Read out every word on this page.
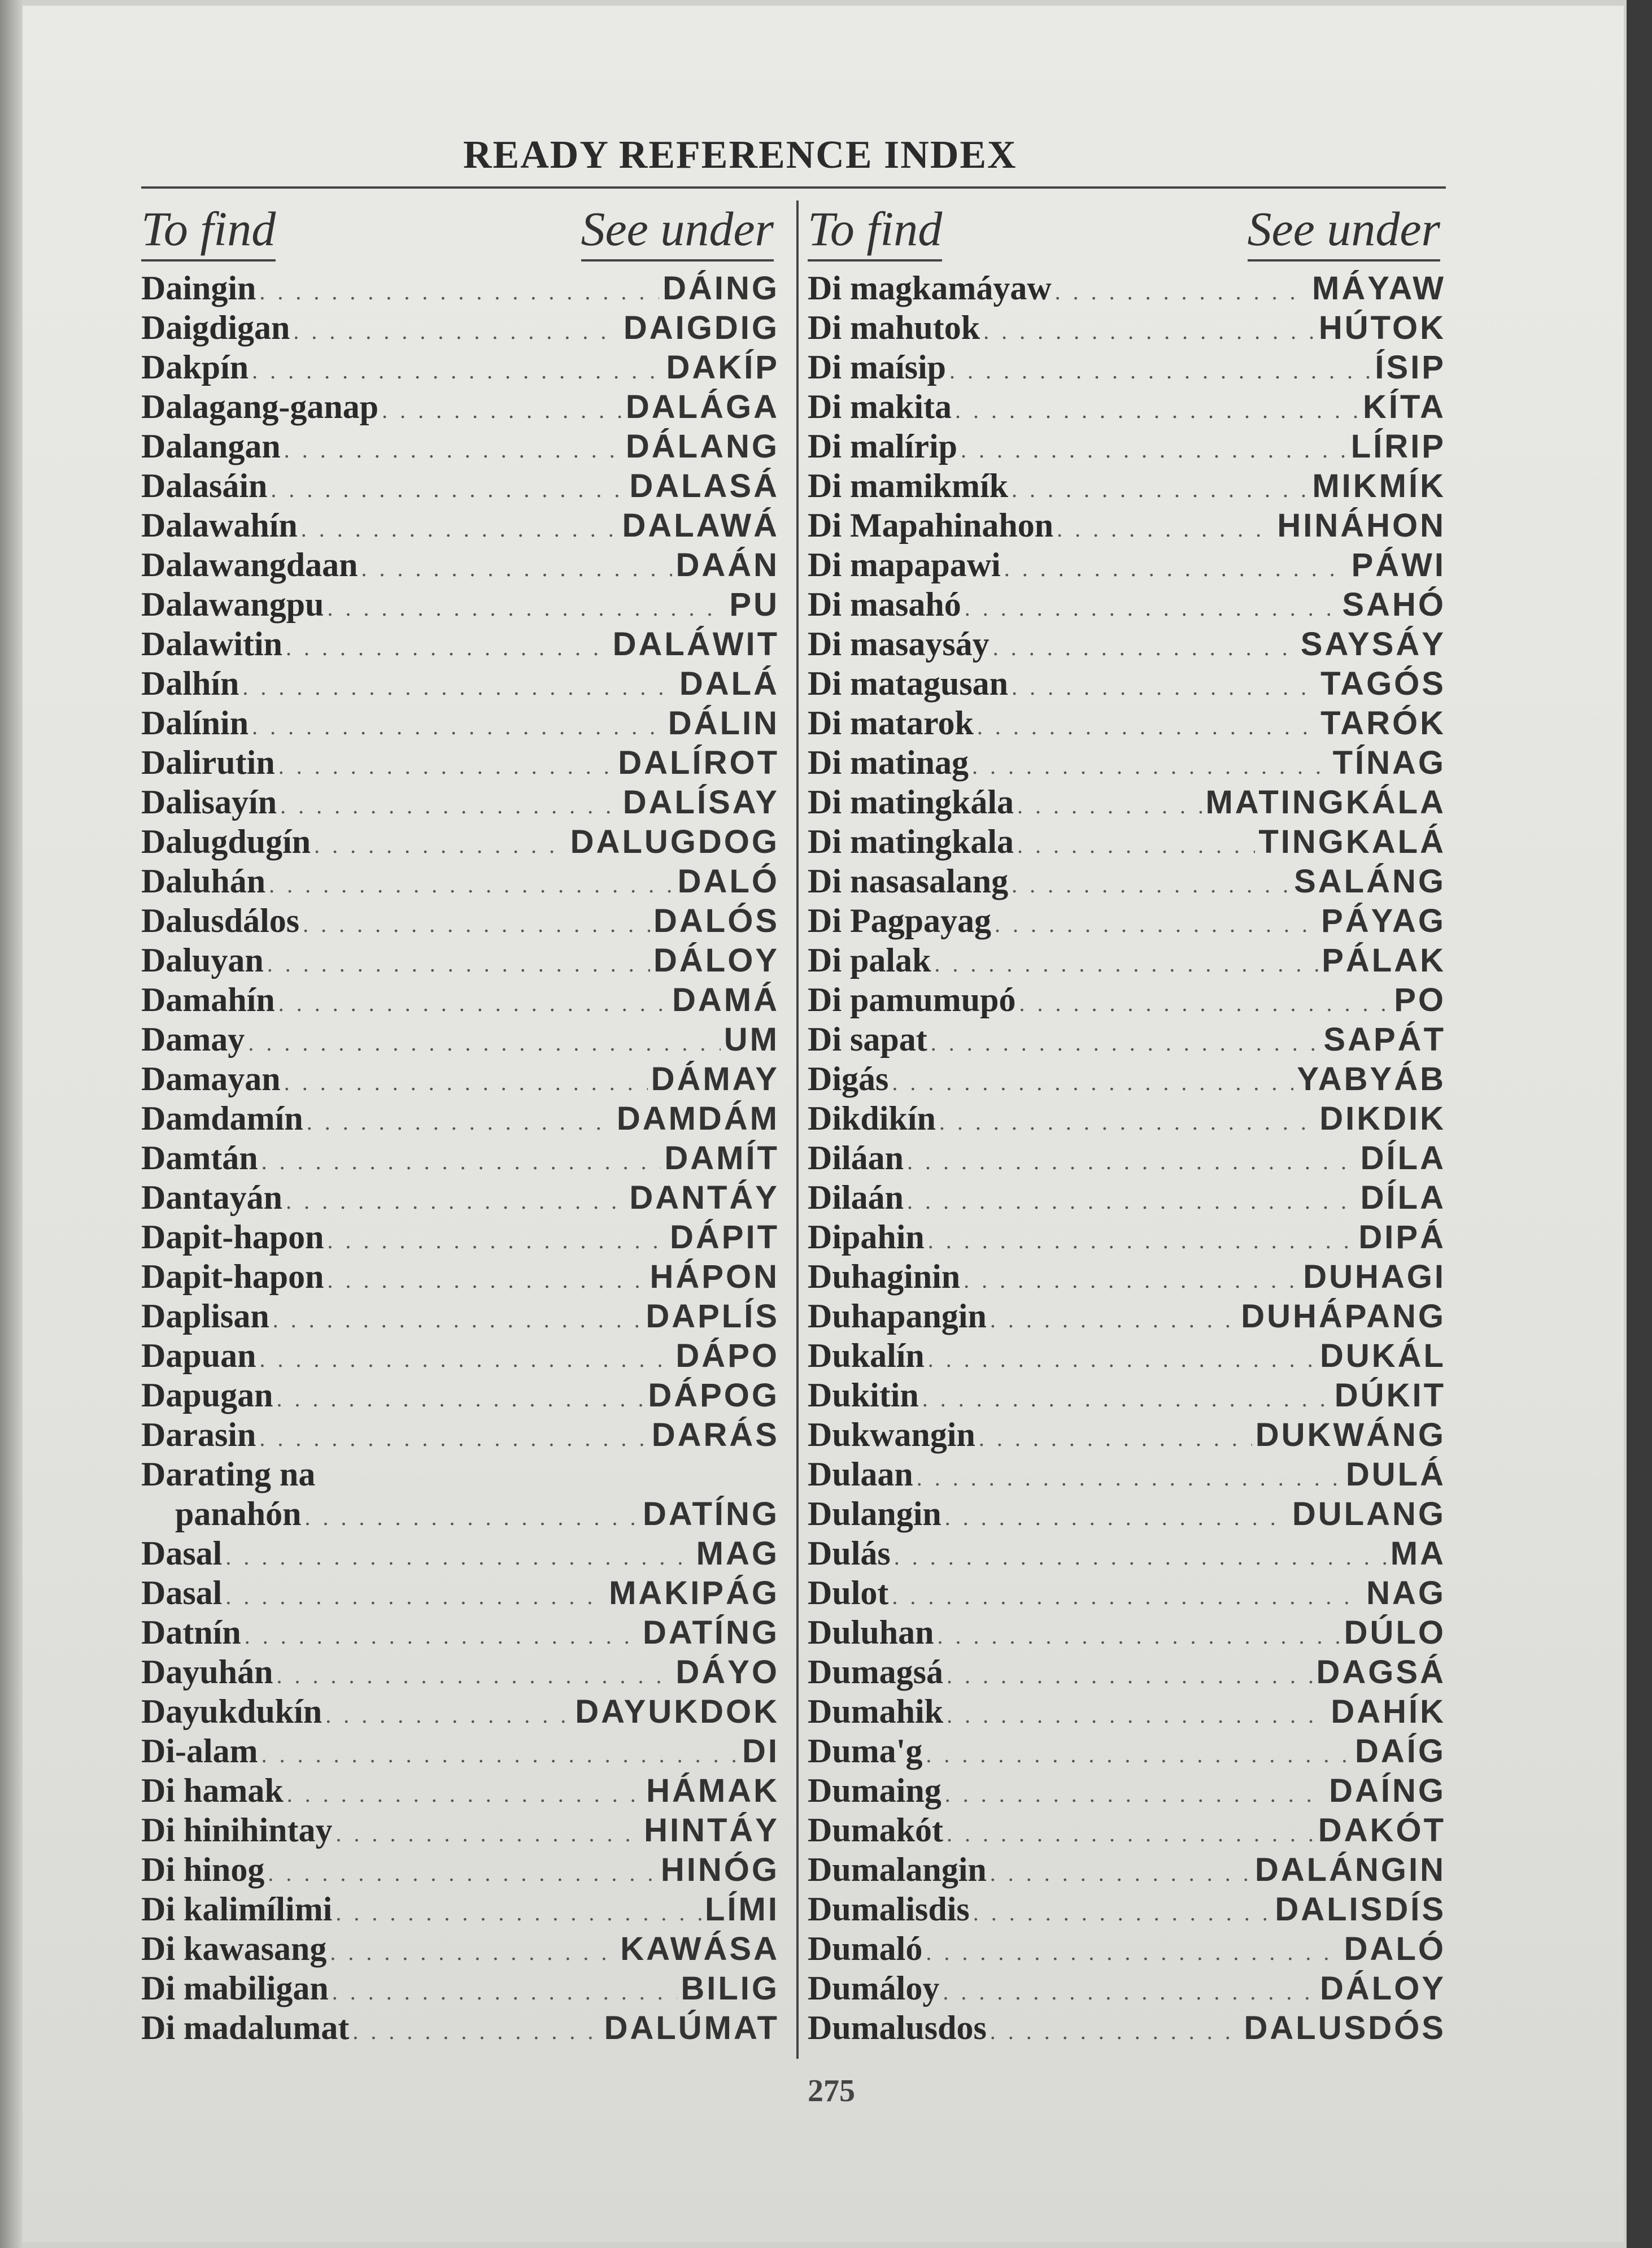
READY REFERENCE INDEX
To find	See under
Daingin . . .	DÁING
Daigdigan . . .	DAIGDIG
Dakpín . . .	DAKÍP
Dalagang-ganap . . .	DALÁGA
Dalangan . . .	DÁLANG
Dalasáin . . .	DALASÁ
Dalawahín . . .	DALAWÁ
Dalawangdaan . . .	DAÁN
Dalawangpu . . .	PU
Dalawitin . . .	DALÁWIT
Dalhín . . .	DALÁ
Dalínin . . .	DÁLIN
Dalirutin . . .	DALÍROT
Dalisayín . . .	DALÍSAY
Dalugdugín . . .	DALUGDOG
Daluhán . . .	DALÓ
Dalusdálos . . .	DALÓS
Daluyan . . .	DÁLOY
Damahín . . .	DAMÁ
Damay . . .	UM
Damayan . . .	DÁMAY
Damdamín . . .	DAMDÁM
Damtán . . .	DAMÍT
Dantayán . . .	DANTÁY
Dapit-hapon . . .	DÁPIT
Dapit-hapon . . .	HÁPON
Daplisan . . .	DAPLÍS
Dapuan . . .	DÁPO
Dapugan . . .	DÁPOG
Darasin . . .	DARÁS
Darating na
panahón . . .	DATÍNG
Dasal . . .	MAG
Dasal . . .	MAKIPÁG
Datnín . . .	DATÍNG
Dayuhán . . .	DÁYO
Dayukdukín . . .	DAYUKDOK
Di-alam . . .	DI
Di hamak . . .	HÁMAK
Di hinihintay . . .	HINTÁY
Di hinog . . .	HINÓG
Di kalimílimi . . .	LÍMI
Di kawasang . . .	KAWÁSA
Di mabiligan . . .	BILIG
Di madalumat . . .	DALÚMAT
To find	See under
Di magkamáyaw . . .	MÁYAW
Di mahutok . . .	HÚTOK
Di maísip . . .	ÍSIP
Di makita . . .	KÍTA
Di malírip . . .	LÍRIP
Di mamikmík . . .	MIKMÍK
Di Mapahinahon . . .	HINÁHON
Di mapapawi . . .	PÁWI
Di masahó . . .	SAHÓ
Di masaysáy . . .	SAYSÁY
Di matagusan . . .	TAGÓS
Di matarok . . .	TARÓK
Di matinag . . .	TÍNAG
Di matingkála . . .	MATINGKÁLA
Di matingkala . . .	TINGKALÁ
Di nasasalang . . .	SALÁNG
Di Pagpayag . . .	PÁYAG
Di palak . . .	PÁLAK
Di pamumupó . . .	PO
Di sapat . . .	SAPÁT
Digás . . .	YABYÁB
Dikdikín . . .	DIKDIK
Diláan . . .	DÍLA
Dilaán . . .	DÍLA
Dipahin . . .	DIPÁ
Duhaginin . . .	DUHAGI
Duhapangin . . .	DUHÁPANG
Dukalín . . .	DUKÁL
Dukitin . . .	DÚKIT
Dukwangin . . .	DUKWÁNG
Dulaan . . .	DULÁ
Dulangin . . .	DULANG
Dulás . . .	MA
Dulot . . .	NAG
Duluhan . . .	DÚLO
Dumagsá . . .	DAGSÁ
Dumahik . . .	DAHÍK
Duma'g . . .	DAÍG
Dumaing . . .	DAÍNG
Dumakót . . .	DAKÓT
Dumalangin . . .	DALÁNGIN
Dumalisdis . . .	DALISDÍS
Dumaló . . .	DALÓ
Dumáloy . . .	DÁLOY
Dumalusdos . . .	DALUSDÓS
275
